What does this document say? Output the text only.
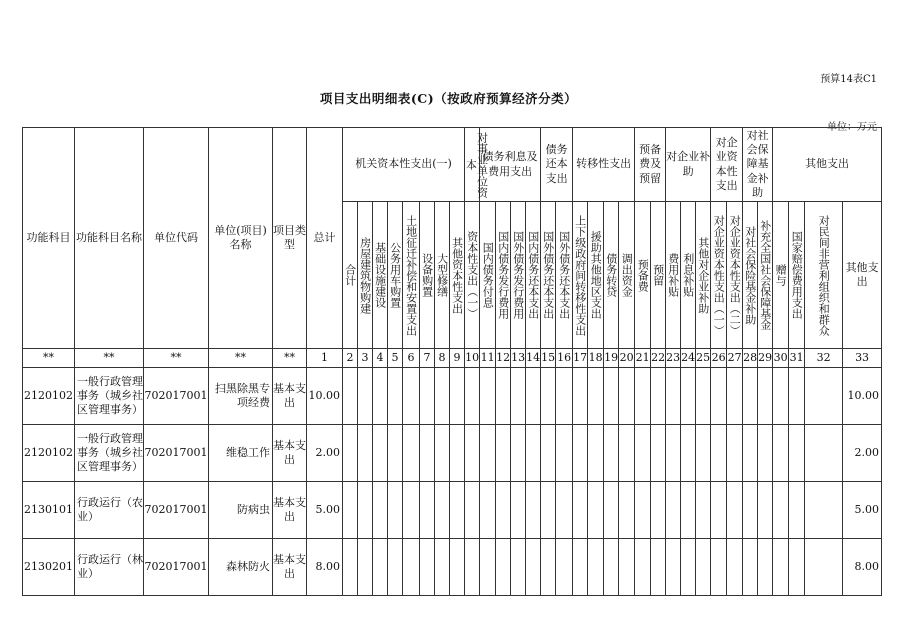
预算14表C1
项目支出明细表(C)（按政府预算经济分类）
单位：万元
功能科目	功能科目名称	单位代码	单位(项目)名称	项目类型	总计	机关资本性支出(一)								对事业单位资本	债务利息及费用支出				债务还本支出		转移性支出				预备费及预留		对企业补助			对企业资本性支出		对社会保障基金补助		其他支出			

						合计	房屋建筑物购建	基础设施建设	公务用车购置	土地征迁补偿和安置支出	设备购置	大型修缮	其他资本性支出	资本性支出（一）	国内债务付息	国内债务发行费用	国外债务发行费用	国内债务还本支出	国外债务还本支出	国外债务还本支出	上下级政府间转移性支出	援助其他地区支出	债务转贷	调出资金	预备费	预留	费用补贴	利息补贴	其他对企业补助	对企业资本性支出（一）	对企业资本性支出（二）	对社会保险基金补助	补充全国社会保障基金	赠与	国家赔偿费用支出	对民间非营利组织和群众	其他支出
**	**	**	**	**	1	2	3	4	5	6	7	8	9	10	11	12	13	14	15	16	17	18	19	20	21	22	23	24	25	26	27	28	29	30	31	32	33
2120102	一般行政管理事务（城乡社区管理事务）	702017001	扫黑除黑专项经费	基本支出	10.00																																10.00
2120102	一般行政管理事务（城乡社区管理事务）	702017001	维稳工作	基本支出	2.00																																2.00
2130101	行政运行（农业）	702017001	防病虫	基本支出	5.00																																5.00
2130201	行政运行（林业）	702017001	森林防火	基本支出	8.00																																8.00
